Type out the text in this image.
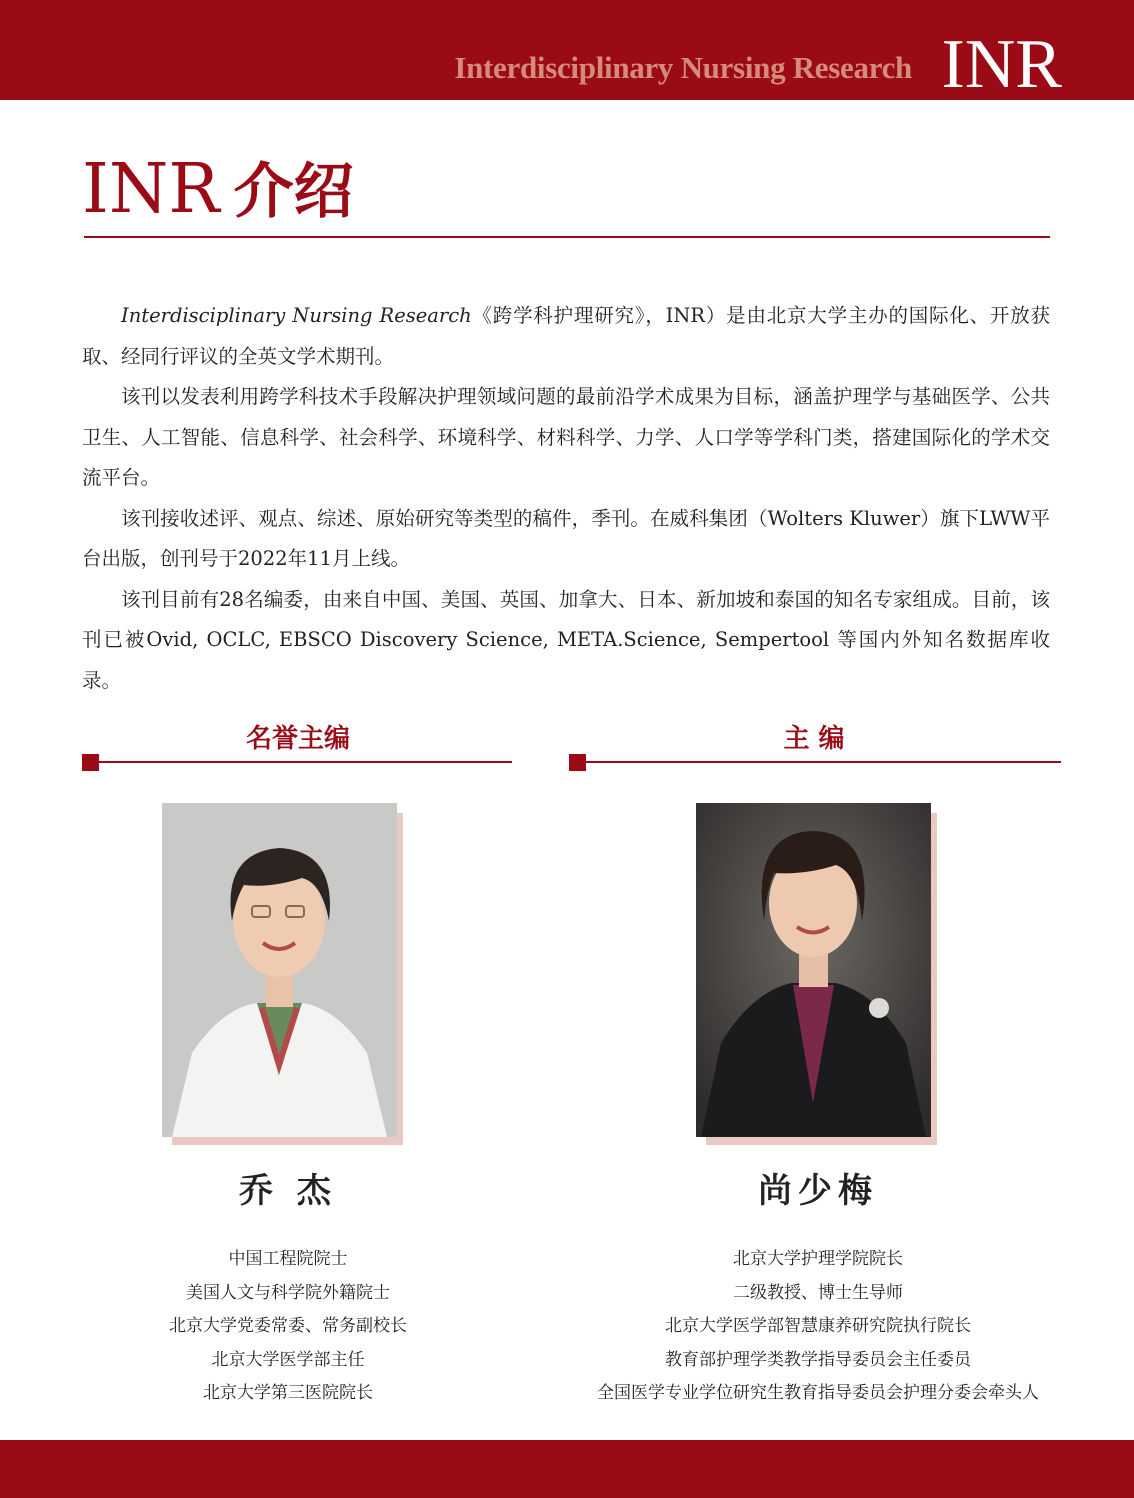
Interdisciplinary Nursing Research INR
INR 介绍

Interdisciplinary Nursing Research《跨学科护理研究》，INR）是由北京大学主办的国际化、开放获取、经同行评议的全英文学术期刊。

该刊以发表利用跨学科技术手段解决护理领域问题的最前沿学术成果为目标，涵盖护理学与基础医学、公共卫生、人工智能、信息科学、社会科学、环境科学、材料科学、力学、人口学等学科门类，搭建国际化的学术交流平台。

该刊接收述评、观点、综述、原始研究等类型的稿件，季刊。在威科集团（Wolters Kluwer）旗下LWW平台出版，创刊号于2022年11月上线。

该刊目前有28名编委，由来自中国、美国、英国、加拿大、日本、新加坡和泰国的知名专家组成。目前，该刊已被Ovid, OCLC, EBSCO Discovery Science, META.Science, Sempertool 等国内外知名数据库收录。

名誉主编	主 编
乔 杰	尚少梅
中国工程院院士
美国人文与科学院外籍院士
北京大学党委常委、常务副校长
北京大学医学部主任
北京大学第三医院院长
北京大学护理学院院长
二级教授、博士生导师
北京大学医学部智慧康养研究院执行院长
教育部护理学类教学指导委员会主任委员
全国医学专业学位研究生教育指导委员会护理分委会牵头人
